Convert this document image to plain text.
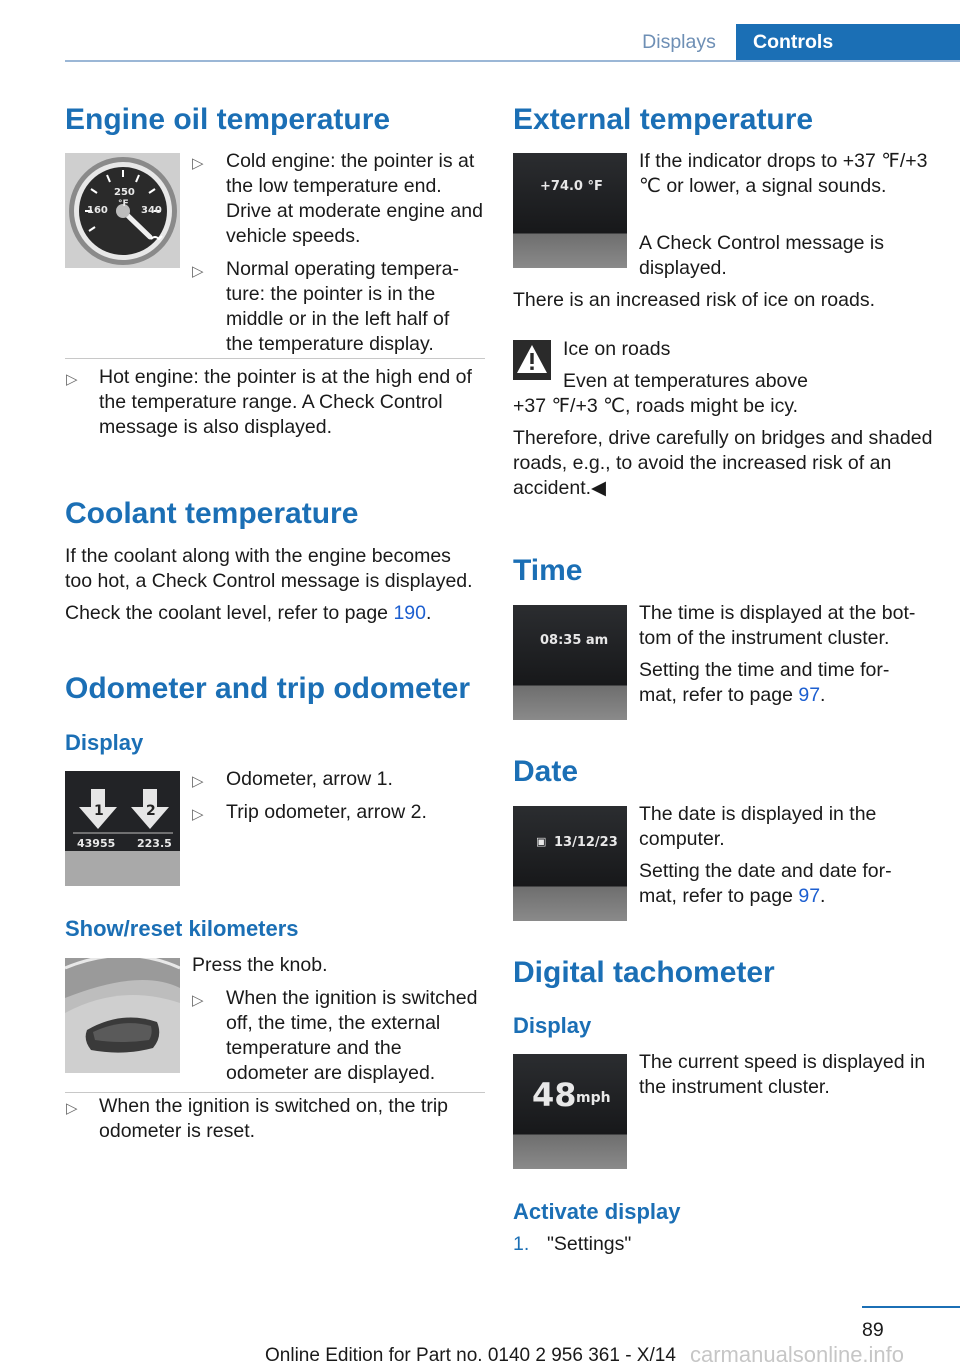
Displays	Controls
Engine oil temperature
250
°F
160	340
▷ Cold engine: the pointer is at the low temperature end. Drive at moderate engine and vehicle speeds.

▷ Normal operating tempera‐ ture: the pointer is in the middle or in the left half of the temperature display.

▷ Hot engine: the pointer is at the high end of the temperature range. A Check Control message is also displayed.

Coolant temperature

If the coolant along with the engine becomes too hot, a Check Control message is displayed.

Check the coolant level, refer to page 190.

Odometer and trip odometer
Display
1	2
43955 223.5
▷ Odometer, arrow 1.

▷ Trip odometer, arrow 2.

Show/reset kilometers

Press the knob.

▷ When the ignition is switched off, the time, the external temperature and the odometer are displayed.

▷ When the ignition is switched on, the trip odometer is reset.

External temperature
+74.0 °F

If the indicator drops to +37 ℉/+3 ℃ or lower, a signal sounds.

A Check Control message is displayed.

There is an increased risk of ice on roads.

Ice on roads

Even at temperatures above

+37 ℉/+3 ℃, roads might be icy.

Therefore, drive carefully on bridges and shaded roads, e.g., to avoid the increased risk of an accident.◀

Time
08:35 am

The time is displayed at the bot‐ tom of the instrument cluster.

Setting the time and time for‐ mat, refer to page 97.

Date
▣ 13/12/23

The date is displayed in the computer.

Setting the date and date for‐ mat, refer to page 97.

Digital tachometer
Display
48 mph

The current speed is displayed in the instrument cluster.

Activate display
1. "Settings"
89
Online Edition for Part no. 0140 2 956 361 - X/14 carmanualsonline.info
